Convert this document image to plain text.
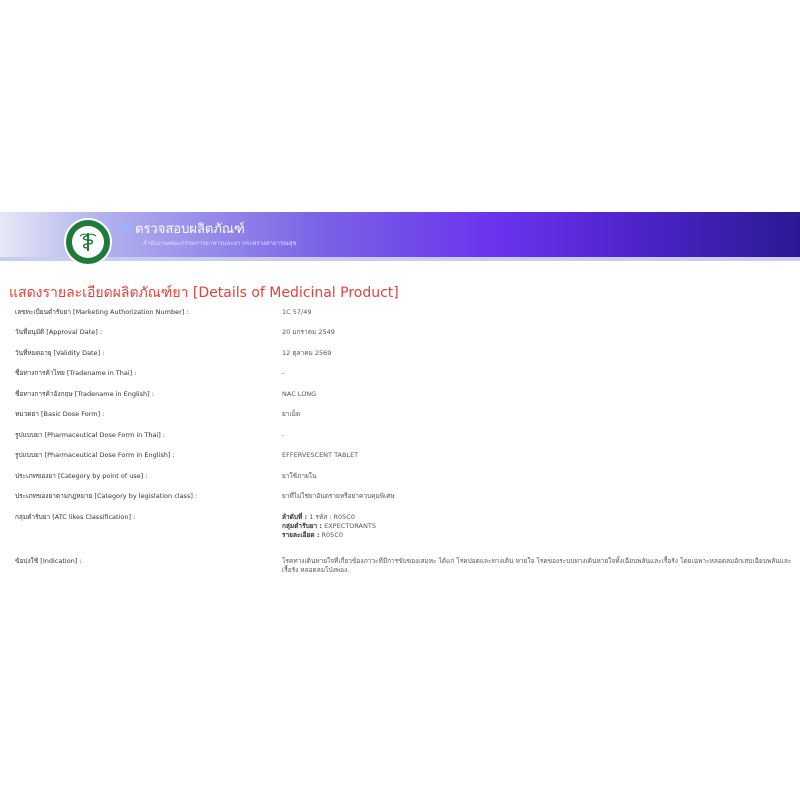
ตรวจสอบผลิตภัณฑ์
สำนักงานคณะกรรมการอาหารและยา กระทรวงสาธารณสุข
แสดงรายละเอียดผลิตภัณฑ์ยา [Details of Medicinal Product]
เลขทะเบียนตำรับยา [Marketing Authorization Number] :	1C 57/49
วันที่อนุมัติ [Approval Date] :	20 มกราคม 2549
วันที่หมดอายุ [Validity Date] :	12 ตุลาคม 2569
ชื่อทางการค้าไทย [Tradename in Thai] :	-
ชื่อทางการค้าอังกฤษ [Tradename in English] :	NAC LONG
หมวดยา [Basic Dose Form] :	ยาเม็ด
รูปแบบยา [Pharmaceutical Dose Form in Thai] :	-
รูปแบบยา [Pharmaceutical Dose Form in English] :	EFFERVESCENT TABLET
ประเภทของยา [Category by point of use] :	ยาใช้ภายใน
ประเภทของยาตามกฎหมาย [Category by legislation class] :	ยาที่ไม่ใช่ยาอันตรายหรือยาควบคุมพิเศษ
กลุ่มตำรับยา [ATC likes Classification] :	ลำดับที่ : 1 รหัส : R05C0
กลุ่มตำรับยา : EXPECTORANTS
รายละเอียด : R05C0
ข้อบ่งใช้ [Indication] :	โรคทางเดินหายใจที่เกี่ยวข้องภาวะที่มีการขับของเสมหะ ได้แก่ โรคปอดและทางเดิน หายใจ โรคของระบบทางเดินหายใจทั้งเฉียบพลันและเรื้อรัง โดยเฉพาะหลอดลมอักเสบเฉียบพลันและเรื้อรัง หลอดลมโป่งพอง.
